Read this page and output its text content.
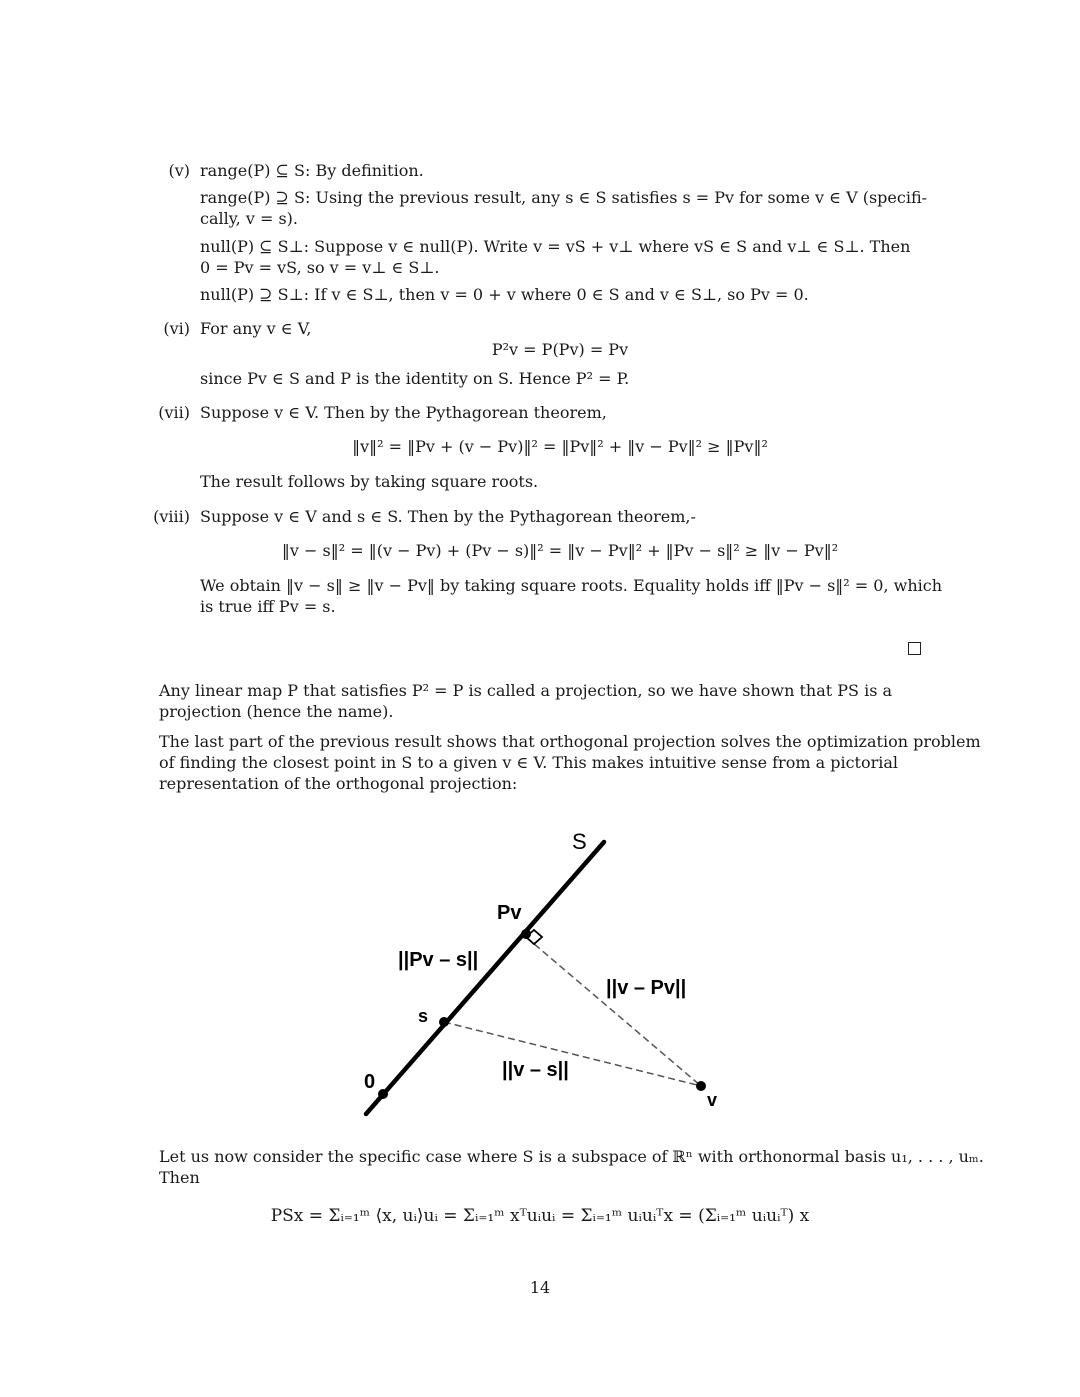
(v) range(P) ⊆ S: By definition.
range(P) ⊇ S: Using the previous result, any s ∈ S satisfies s = Pv for some v ∈ V (specifi-
cally, v = s).
null(P) ⊆ S⊥: Suppose v ∈ null(P). Write v = vS + v⊥ where vS ∈ S and v⊥ ∈ S⊥. Then
0 = Pv = vS, so v = v⊥ ∈ S⊥.
null(P) ⊇ S⊥: If v ∈ S⊥, then v = 0 + v where 0 ∈ S and v ∈ S⊥, so Pv = 0.
(vi) For any v ∈ V,
P²v = P(Pv) = Pv
since Pv ∈ S and P is the identity on S. Hence P² = P.
(vii) Suppose v ∈ V. Then by the Pythagorean theorem,
‖v‖² = ‖Pv + (v − Pv)‖² = ‖Pv‖² + ‖v − Pv‖² ≥ ‖Pv‖²
The result follows by taking square roots.
(viii) Suppose v ∈ V and s ∈ S. Then by the Pythagorean theorem,-
‖v − s‖² = ‖(v − Pv) + (Pv − s)‖² = ‖v − Pv‖² + ‖Pv − s‖² ≥ ‖v − Pv‖²
We obtain ‖v − s‖ ≥ ‖v − Pv‖ by taking square roots. Equality holds iff ‖Pv − s‖² = 0, which
is true iff Pv = s.
Any linear map P that satisfies P² = P is called a projection, so we have shown that PS is a
projection (hence the name).
The last part of the previous result shows that orthogonal projection solves the optimization problem
of finding the closest point in S to a given v ∈ V. This makes intuitive sense from a pictorial
representation of the orthogonal projection:
S
Pv
||Pv – s||
||v – Pv||
s
||v – s||
0
v
Let us now consider the specific case where S is a subspace of ℝⁿ with orthonormal basis u₁, . . . , uₘ.
Then
PSx = Σᵢ₌₁ᵐ ⟨x, uᵢ⟩uᵢ = Σᵢ₌₁ᵐ xᵀuᵢuᵢ = Σᵢ₌₁ᵐ uᵢuᵢᵀx = (Σᵢ₌₁ᵐ uᵢuᵢᵀ) x
14
